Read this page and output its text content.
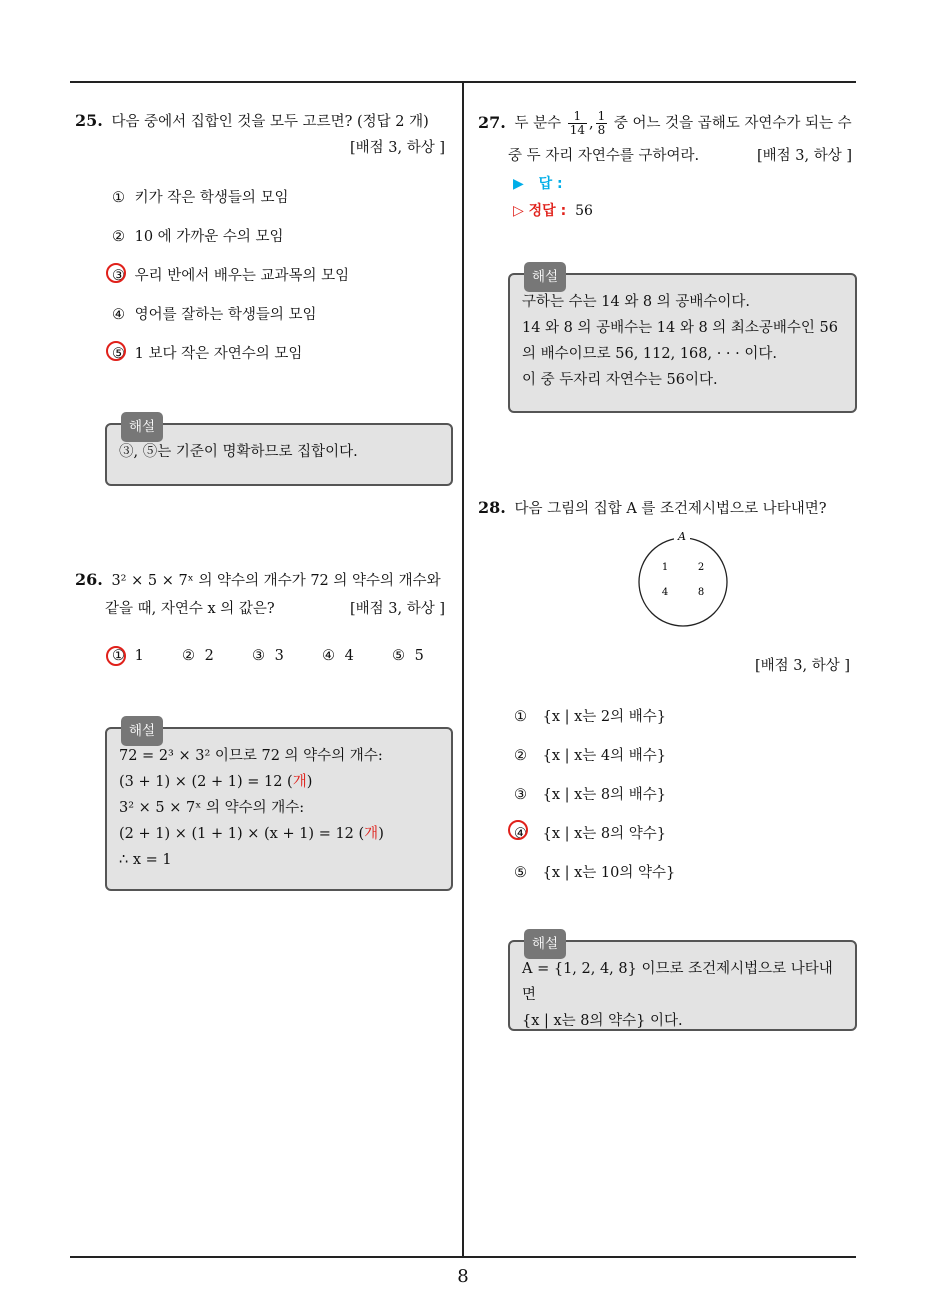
25. 다음 중에서 집합인 것을 모두 고르면? (정답 2 개)
[배점 3, 하상 ]
① 키가 작은 학생들의 모임
② 10 에 가까운 수의 모임
③ 우리 반에서 배우는 교과목의 모임
④ 영어를 잘하는 학생들의 모임
⑤ 1 보다 작은 자연수의 모임
해설
③, ⑤는 기준이 명확하므로 집합이다.
26. 3² × 5 × 7ˣ 의 약수의 개수가 72 의 약수의 개수와
같을 때, 자연수 x 의 값은?	[배점 3, 하상 ]
① 1	② 2	③ 3	④ 4	⑤ 5
해설
72 = 2³ × 3² 이므로 72 의 약수의 개수:
(3 + 1) × (2 + 1) = 12 (개)
3² × 5 × 7ˣ 의 약수의 개수:
(2 + 1) × (1 + 1) × (x + 1) = 12 (개)
∴ x = 1
27. 두 분수 $\frac{1}{14}$ , $\frac{1}{8}$ 중 어느 것을 곱해도 자연수가 되는 수
중 두 자리 자연수를 구하여라.	[배점 3, 하상 ]
▶ 답 :
▷ 정답 : 56
해설
구하는 수는 14 와 8 의 공배수이다.
14 와 8 의 공배수는 14 와 8 의 최소공배수인 56
의 배수이므로 56, 112, 168, · · · 이다.
이 중 두자리 자연수는 56이다.
28. 다음 그림의 집합 A 를 조건제시법으로 나타내면?
A
1	2
4	8
[배점 3, 하상 ]
① {x | x는 2의 배수}
② {x | x는 4의 배수}
③ {x | x는 8의 배수}
④ {x | x는 8의 약수}
⑤ {x | x는 10의 약수}
해설
A = {1, 2, 4, 8} 이므로 조건제시법으로 나타내면
{x | x는 8의 약수} 이다.
8
